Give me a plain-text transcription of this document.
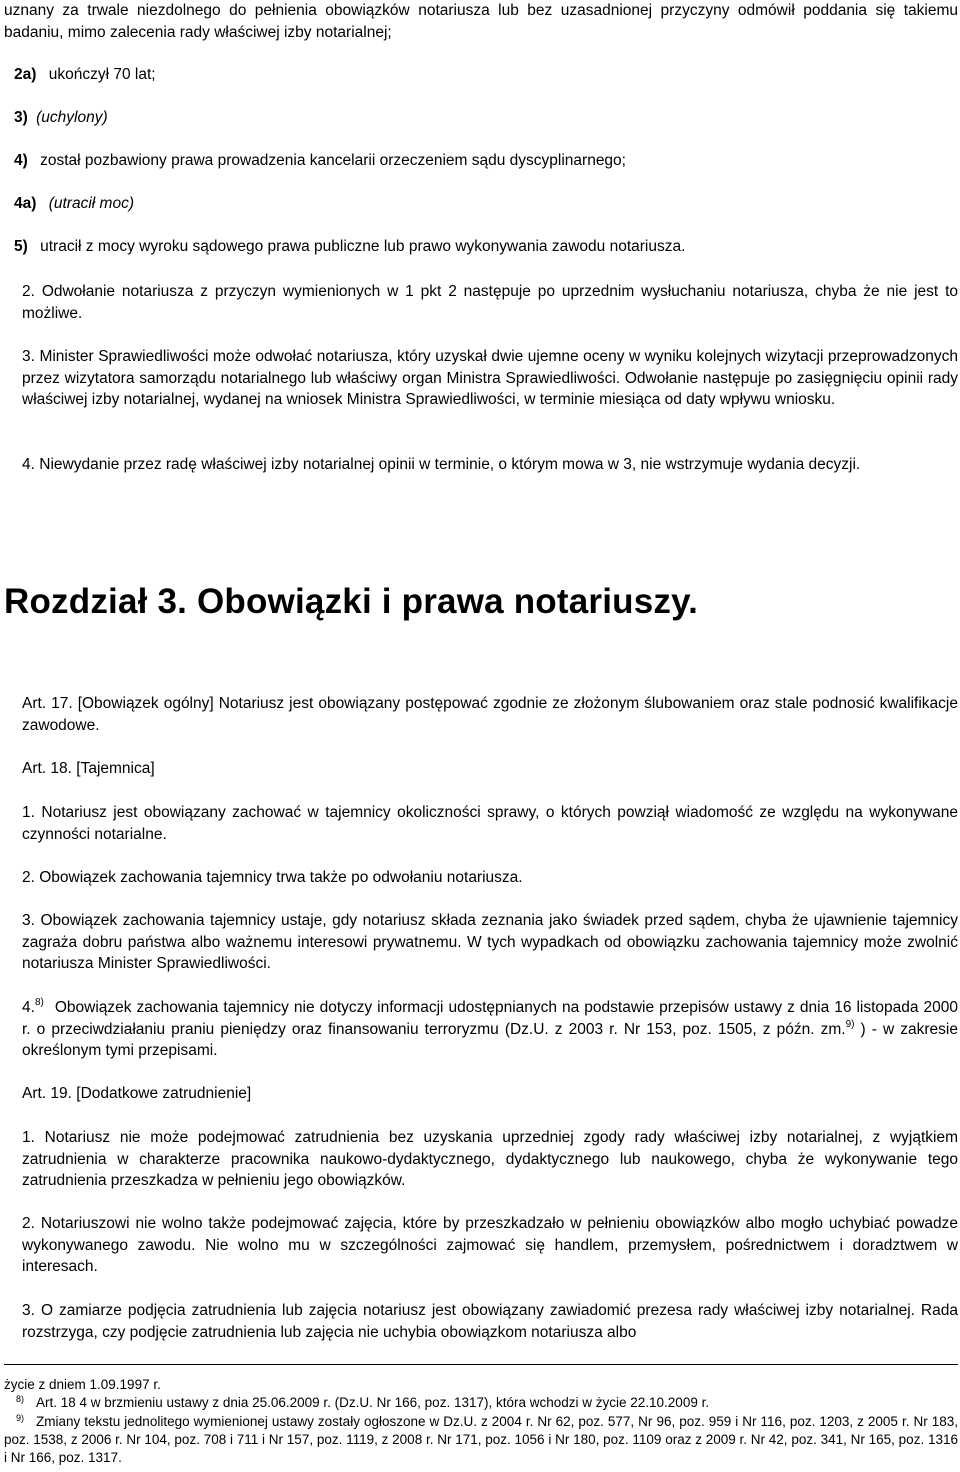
uznany za trwale niezdolnego do pełnienia obowiązków notariusza lub bez uzasadnionej przyczyny odmówił poddania się takiemu badaniu, mimo zalecenia rady właściwej izby notarialnej;

2a) ukończył 70 lat;

3) (uchylony)

4) został pozbawiony prawa prowadzenia kancelarii orzeczeniem sądu dyscyplinarnego;

4a) (utracił moc)

5) utracił z mocy wyroku sądowego prawa publiczne lub prawo wykonywania zawodu notariusza.

2. Odwołanie notariusza z przyczyn wymienionych w 1 pkt 2 następuje po uprzednim wysłuchaniu notariusza, chyba że nie jest to możliwe.

3. Minister Sprawiedliwości może odwołać notariusza, który uzyskał dwie ujemne oceny w wyniku kolejnych wizytacji przeprowadzonych przez wizytatora samorządu notarialnego lub właściwy organ Ministra Sprawiedliwości. Odwołanie następuje po zasięgnięciu opinii rady właściwej izby notarialnej, wydanej na wniosek Ministra Sprawiedliwości, w terminie miesiąca od daty wpływu wniosku.

4. Niewydanie przez radę właściwej izby notarialnej opinii w terminie, o którym mowa w 3, nie wstrzymuje wydania decyzji.

Rozdział 3. Obowiązki i prawa notariuszy.

Art. 17. [Obowiązek ogólny] Notariusz jest obowiązany postępować zgodnie ze złożonym ślubowaniem oraz stale podnosić kwalifikacje zawodowe.

Art. 18. [Tajemnica]

1. Notariusz jest obowiązany zachować w tajemnicy okoliczności sprawy, o których powziął wiadomość ze względu na wykonywane czynności notarialne.

2. Obowiązek zachowania tajemnicy trwa także po odwołaniu notariusza.

3. Obowiązek zachowania tajemnicy ustaje, gdy notariusz składa zeznania jako świadek przed sądem, chyba że ujawnienie tajemnicy zagraża dobru państwa albo ważnemu interesowi prywatnemu. W tych wypadkach od obowiązku zachowania tajemnicy może zwolnić notariusza Minister Sprawiedliwości.

4.$^{8)}$ Obowiązek zachowania tajemnicy nie dotyczy informacji udostępnianych na podstawie przepisów ustawy z dnia 16 listopada 2000 r. o przeciwdziałaniu praniu pieniędzy oraz finansowaniu terroryzmu (Dz.U. z 2003 r. Nr 153, poz. 1505, z późn. zm.$^{9)}$ ) - w zakresie określonym tymi przepisami.

Art. 19. [Dodatkowe zatrudnienie]

1. Notariusz nie może podejmować zatrudnienia bez uzyskania uprzedniej zgody rady właściwej izby notarialnej, z wyjątkiem zatrudnienia w charakterze pracownika naukowo-dydaktycznego, dydaktycznego lub naukowego, chyba że wykonywanie tego zatrudnienia przeszkadza w pełnieniu jego obowiązków.

2. Notariuszowi nie wolno także podejmować zajęcia, które by przeszkadzało w pełnieniu obowiązków albo mogło uchybiać powadze wykonywanego zawodu. Nie wolno mu w szczególności zajmować się handlem, przemysłem, pośrednictwem i doradztwem w interesach.

3. O zamiarze podjęcia zatrudnienia lub zajęcia notariusz jest obowiązany zawiadomić prezesa rady właściwej izby notarialnej. Rada rozstrzyga, czy podjęcie zatrudnienia lub zajęcia nie uchybia obowiązkom notariusza albo

życie z dniem 1.09.1997 r.

8) Art. 18 4 w brzmieniu ustawy z dnia 25.06.2009 r. (Dz.U. Nr 166, poz. 1317), która wchodzi w życie 22.10.2009 r.

9) Zmiany tekstu jednolitego wymienionej ustawy zostały ogłoszone w Dz.U. z 2004 r. Nr 62, poz. 577, Nr 96, poz. 959 i Nr 116, poz. 1203, z 2005 r. Nr 183, poz. 1538, z 2006 r. Nr 104, poz. 708 i 711 i Nr 157, poz. 1119, z 2008 r. Nr 171, poz. 1056 i Nr 180, poz. 1109 oraz z 2009 r. Nr 42, poz. 341, Nr 165, poz. 1316 i Nr 166, poz. 1317.
